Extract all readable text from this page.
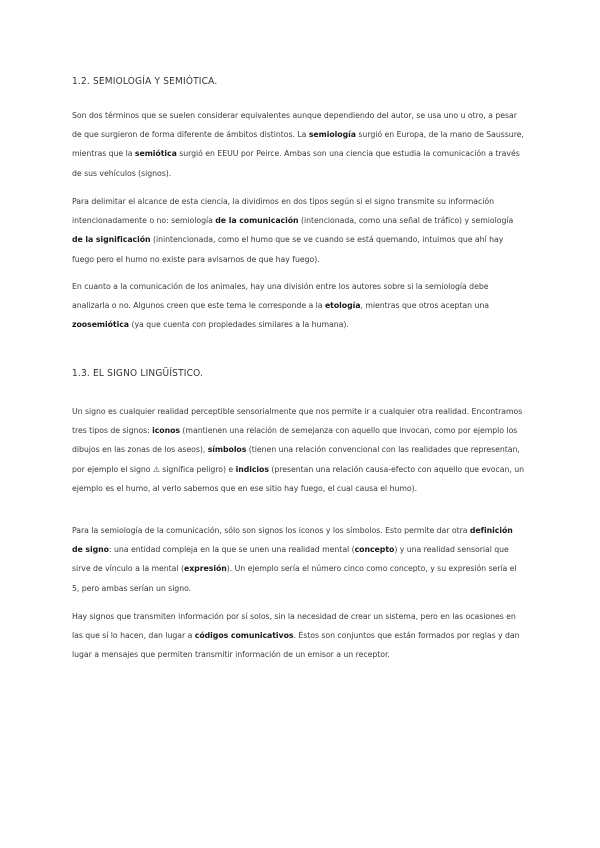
1.2. SEMIOLOGÍA Y SEMIÓTICA.

Son dos términos que se suelen considerar equivalentes aunque dependiendo del autor, se usa uno u otro, a pesar de que surgieron de forma diferente de ámbitos distintos. La semiología surgió en Europa, de la mano de Saussure, mientras que la semiótica surgió en EEUU por Peirce. Ambas son una ciencia que estudia la comunicación a través de sus vehículos (signos).

Para delimitar el alcance de esta ciencia, la dividimos en dos tipos según si el signo transmite su información intencionadamente o no: semiología de la comunicación (intencionada, como una señal de tráfico) y semiología de la significación (inintencionada, como el humo que se ve cuando se está quemando, intuimos que ahí hay fuego pero el humo no existe para avisarnos de que hay fuego).

En cuanto a la comunicación de los animales, hay una división entre los autores sobre si la semiología debe analizarla o no. Algunos creen que este tema le corresponde a la etología, mientras que otros aceptan una zoosemiótica (ya que cuenta con propiedades similares a la humana).

1.3. EL SIGNO LINGÜÍSTICO.

Un signo es cualquier realidad perceptible sensorialmente que nos permite ir a cualquier otra realidad. Encontramos tres tipos de signos: iconos (mantienen una relación de semejanza con aquello que invocan, como por ejemplo los dibujos en las zonas de los aseos), símbolos (tienen una relación convencional con las realidades que representan, por ejemplo el signo ⚠ significa peligro) e indicios (presentan una relación causa-efecto con aquello que evocan, un ejemplo es el humo, al verlo sabemos que en ese sitio hay fuego, el cual causa el humo).

Para la semiología de la comunicación, sólo son signos los iconos y los símbolos. Esto permite dar otra definición de signo: una entidad compleja en la que se unen una realidad mental (concepto) y una realidad sensorial que sirve de vínculo a la mental (expresión). Un ejemplo sería el número cinco como concepto, y su expresión sería el 5, pero ambas serían un signo.

Hay signos que transmiten información por sí solos, sin la necesidad de crear un sistema, pero en las ocasiones en las que sí lo hacen, dan lugar a códigos comunicativos. Éstos son conjuntos que están formados por reglas y dan lugar a mensajes que permiten transmitir información de un emisor a un receptor.
